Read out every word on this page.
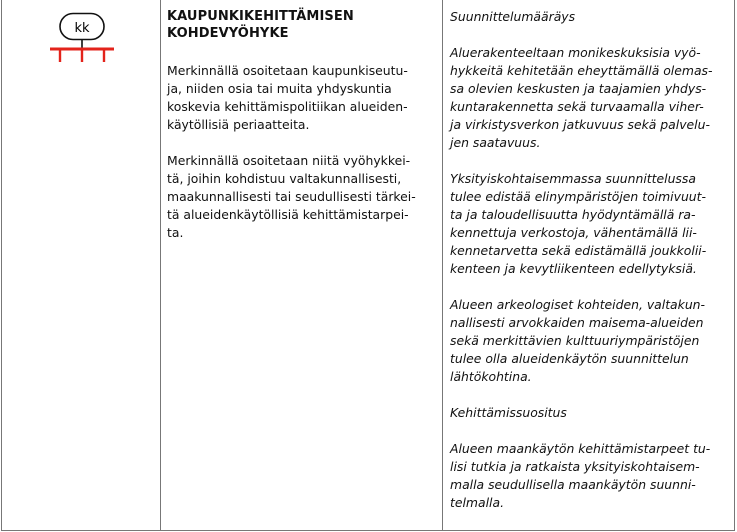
kk
KAUPUNKIKEHITTÄMISEN
KOHDEVYÖHYKE
Merkinnällä osoitetaan kaupunkiseutu-
ja, niiden osia tai muita yhdyskuntia
koskevia kehittämispolitiikan alueiden-
käytöllisiä periaatteita.
Merkinnällä osoitetaan niitä vyöhykkei-
tä, joihin kohdistuu valtakunnallisesti,
maakunnallisesti tai seudullisesti tärkei-
tä alueidenkäytöllisiä kehittämistarpei-
ta.
Suunnittelumääräys
Aluerakenteeltaan monikeskuksisia vyö-
hykkeitä kehitetään eheyttämällä olemas-
sa olevien keskusten ja taajamien yhdys-
kuntarakennetta sekä turvaamalla viher-
ja virkistysverkon jatkuvuus sekä palvelu-
jen saatavuus.
Yksityiskohtaisemmassa suunnittelussa
tulee edistää elinympäristöjen toimivuut-
ta ja taloudellisuutta hyödyntämällä ra-
kennettuja verkostoja, vähentämällä lii-
kennetarvetta sekä edistämällä joukkolii-
kenteen ja kevytliikenteen edellytyksiä.
Alueen arkeologiset kohteiden, valtakun-
nallisesti arvokkaiden maisema-alueiden
sekä merkittävien kulttuuriympäristöjen
tulee olla alueidenkäytön suunnittelun
lähtökohtina.
Kehittämissuositus
Alueen maankäytön kehittämistarpeet tu-
lisi tutkia ja ratkaista yksityiskohtaisem-
malla seudullisella maankäytön suunni-
telmalla.
